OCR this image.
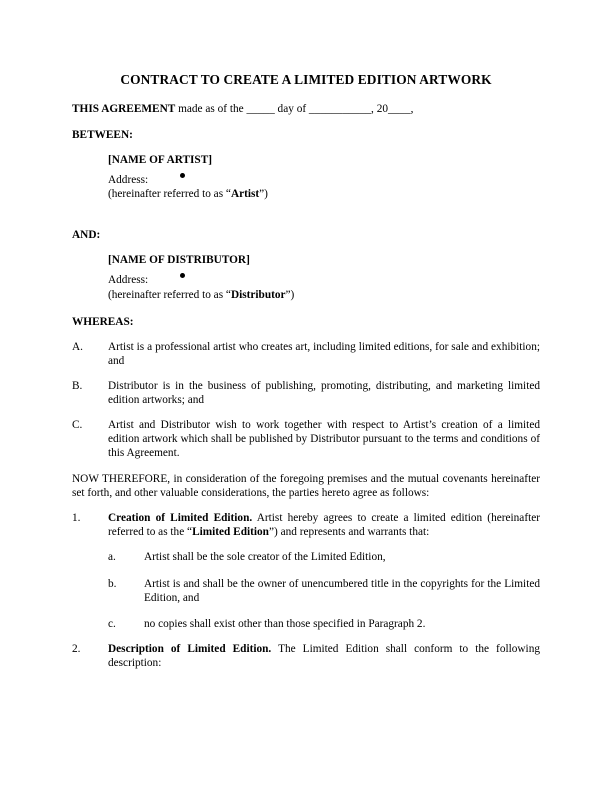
CONTRACT TO CREATE A LIMITED EDITION ARTWORK
THIS AGREEMENT made as of the _____ day of ___________, 20____,
BETWEEN:
[NAME OF ARTIST]
Address:
(hereinafter referred to as “Artist”)
AND:
[NAME OF DISTRIBUTOR]
Address:
(hereinafter referred to as “Distributor”)
WHEREAS:
A. Artist is a professional artist who creates art, including limited editions, for sale and exhibition; and
B. Distributor is in the business of publishing, promoting, distributing, and marketing limited edition artworks; and
C. Artist and Distributor wish to work together with respect to Artist’s creation of a limited edition artwork which shall be published by Distributor pursuant to the terms and conditions of this Agreement.
NOW THEREFORE, in consideration of the foregoing premises and the mutual covenants hereinafter set forth, and other valuable considerations, the parties hereto agree as follows:
1. Creation of Limited Edition. Artist hereby agrees to create a limited edition (hereinafter referred to as the “Limited Edition”) and represents and warrants that:
a. Artist shall be the sole creator of the Limited Edition,
b. Artist is and shall be the owner of unencumbered title in the copyrights for the Limited Edition, and
c. no copies shall exist other than those specified in Paragraph 2.
2. Description of Limited Edition. The Limited Edition shall conform to the following description:
